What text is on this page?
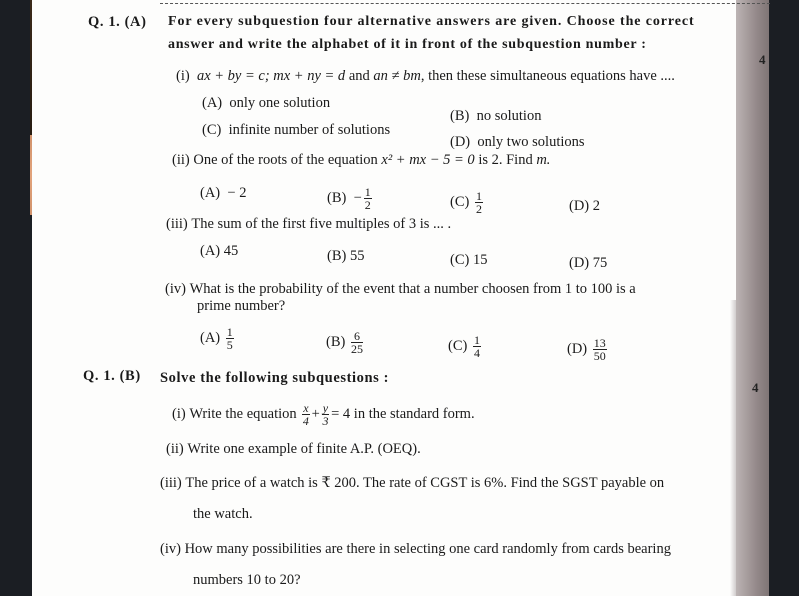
Q. 1. (A) For every subquestion four alternative answers are given. Choose the correct
answer and write the alphabet of it in front of the subquestion number :
4
(i) ax + by = c; mx + ny = d and an ≠ bm, then these simultaneous equations have ....
(A) only one solution
(B) no solution
(C) infinite number of solutions
(D) only two solutions
(ii) One of the roots of the equation x² + mx − 5 = 0 is 2. Find m.
(A) − 2	$(B) - \frac{1}{2}$	$(C) \frac{1}{2}$	(D) 2
(iii) The sum of the first five multiples of 3 is ... .
(A) 45	(B) 55	(C) 15	(D) 75
(iv) What is the probability of the event that a number choosen from 1 to 100 is a
prime number?
$(A) \frac{1}{5}$	$(B) \frac{6}{25}$	$(C) \frac{1}{4}$	$(D) \frac{13}{50}$
Q. 1. (B) Solve the following subquestions :
4
(i) Write the equation $\frac{x}{4} + \frac{y}{3} = 4$ in the standard form.
(ii) Write one example of finite A.P. (OEQ).
(iii) The price of a watch is ₹ 200. The rate of CGST is 6%. Find the SGST payable on
the watch.
(iv) How many possibilities are there in selecting one card randomly from cards bearing
numbers 10 to 20?
